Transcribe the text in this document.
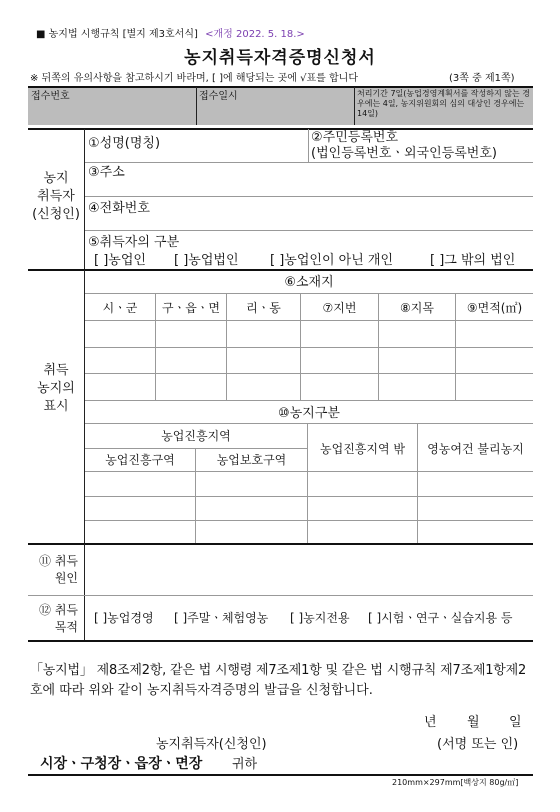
■ 농지법 시행규칙 [별지 제3호서식] <개정 2022. 5. 18.>
농지취득자격증명신청서
※ 뒤쪽의 유의사항을 참고하시기 바라며, [ ]에 해당되는 곳에 √표를 합니다	(3쪽 중 제1쪽)
접수번호	접수일시	처리기간 7일(농업경영계획서를 작성하지 않는 경우에는 4일, 농지위원회의 심의 대상인 경우에는 14일)
농지
취득자
(신청인)
①성명(명칭)	②주민등록번호
(법인등록번호ㆍ외국인등록번호)
③주소
④전화번호
⑤취득자의 구분
[ ]농업인 [ ]농업법인 [ ]농업인이 아닌 개인	[ ]그 밖의 법인
취득
농지의
표시
⑥소재지
시ㆍ군	구ㆍ읍ㆍ면	리ㆍ동	⑦지번	⑧지목	⑨면적(㎡)
⑩농지구분
농업진흥지역
농업진흥구역	농업보호구역
농업진흥지역 밖	영농여건 불리농지
⑪ 취득
원인
⑫ 취득
목적
[ ]농업경영 [ ]주말ㆍ체험영농 [ ]농지전용 [ ]시험ㆍ연구ㆍ실습지용 등
「농지법」 제8조제2항, 같은 법 시행령 제7조제1항 및 같은 법 시행규칙 제7조제1항제2
호에 따라 위와 같이 농지취득자격증명의 발급을 신청합니다.
년 월 일
농지취득자(신청인)	(서명 또는 인)
시장ㆍ구청장ㆍ읍장ㆍ면장 귀하
210mm×297mm[백상지 80g/㎡]
